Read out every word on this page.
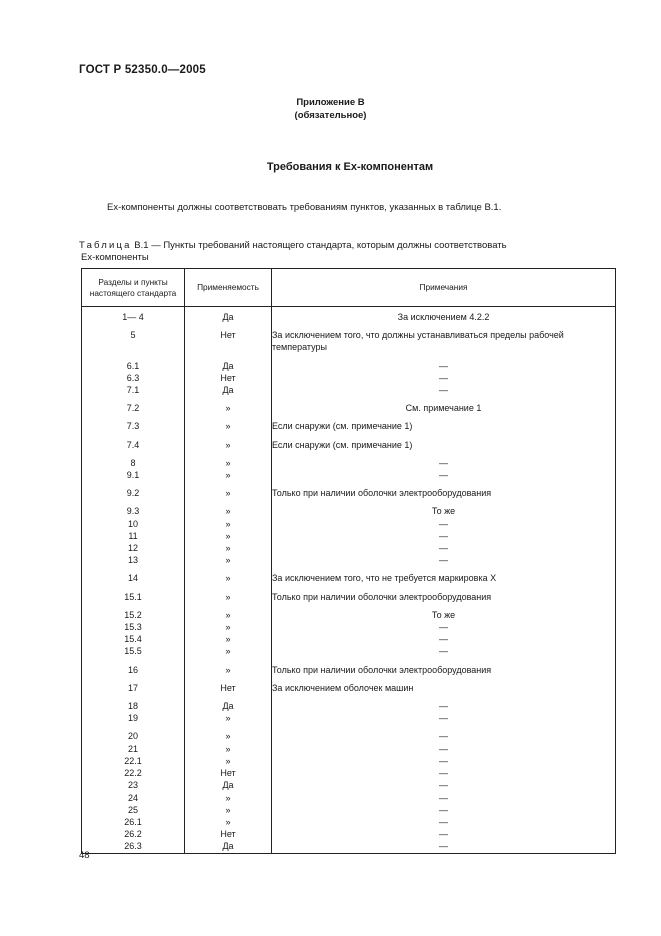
ГОСТ Р 52350.0—2005
Приложение В
(обязательное)
Требования к Ex-компонентам
Ex-компоненты должны соответствовать требованиям пунктов, указанных в таблице В.1.
Таблица В.1 — Пункты требований настоящего стандарта, которым должны соответствовать
Ex-компоненты
Разделы и пункты настоящего стандарта	Применяемость	Примечания
1— 4	Да	За исключением 4.2.2
5	Нет	За исключением того, что должны устанавливаться пределы рабочей температуры
6.1	Да	—
6.3	Нет	—
7.1	Да	—
7.2	»	См. примечание 1
7.3	»	Если снаружи (см. примечание 1)
7.4	»	Если снаружи (см. примечание 1)
8	»	—
9.1	»	—
9.2	»	Только при наличии оболочки электрооборудования
9.3	»	То же
10	»	—
11	»	—
12	»	—
13	»	—
14	»	За исключением того, что не требуется маркировка X
15.1	»	Только при наличии оболочки электрооборудования
15.2	»	То же
15.3	»	—
15.4	»	—
15.5	»	—
16	»	Только при наличии оболочки электрооборудования
17	Нет	За исключением оболочек машин
18	Да	—
19	»	—
20	»	—
21	»	—
22.1	»	—
22.2	Нет	—
23	Да	—
24	»	—
25	»	—
26.1	»	—
26.2	Нет	—
26.3	Да	—
48
